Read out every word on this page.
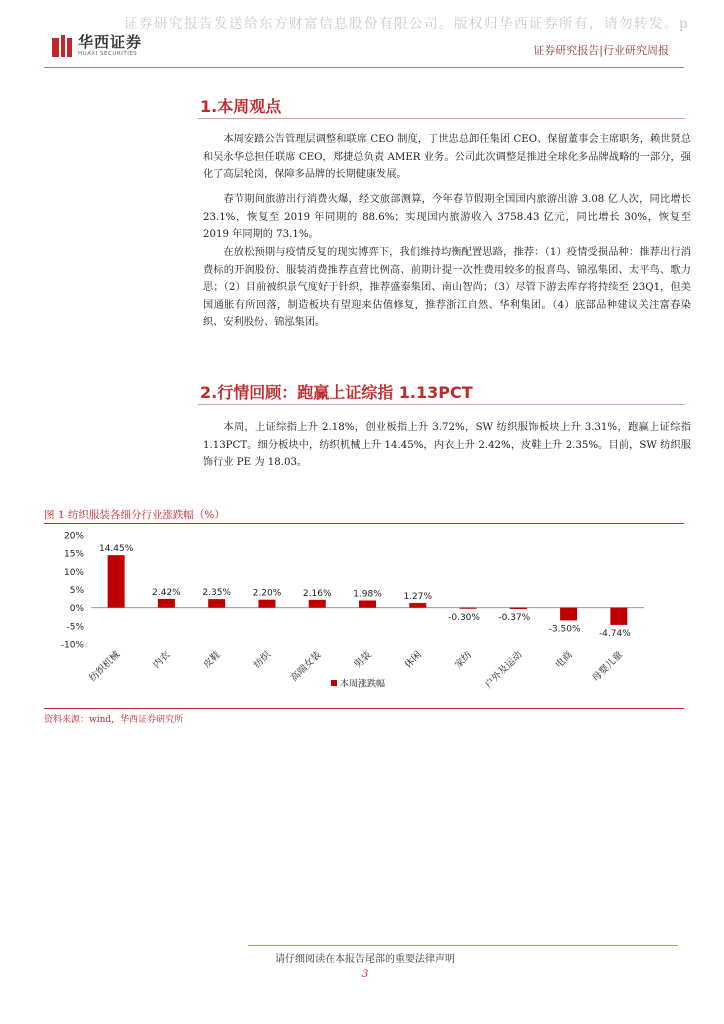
证券研究报告发送给东方财富信息股份有限公司。版权归华西证券所有，请勿转发。p
华西证券
HUAXI SECURITIES	证券研究报告|行业研究周报
1.本周观点

本周安踏公告管理层调整和联席 CEO 制度，丁世忠总卸任集团 CEO、保留董事会主席职务，赖世贤总和吴永华总担任联席 CEO，郑捷总负责 AMER 业务。公司此次调整是推进全球化多品牌战略的一部分，强化了高层轮岗，保障多品牌的长期健康发展。

春节期间旅游出行消费火爆，经文旅部测算，今年春节假期全国国内旅游出游 3.08 亿人次，同比增长 23.1%，恢复至 2019 年同期的 88.6%；实现国内旅游收入 3758.43 亿元，同比增长 30%，恢复至 2019 年同期的 73.1%。

在放松预期与疫情反复的现实博弈下，我们维持均衡配置思路，推荐：（1）疫情受损品种：推荐出行消费标的开润股份、服装消费推荐直营比例高、前期计提一次性费用较多的报喜鸟、锦泓集团、太平鸟、歌力思；（2）目前被织景气度好于针织，推荐盛泰集团、南山智尚；（3）尽管下游去库存将持续至 23Q1，但美国通胀有所回落，制造板块有望迎来估值修复，推荐浙江自然、华利集团。（4）底部品种建议关注富春染织、安利股份、锦泓集团。

2.行情回顾：跑赢上证综指 1.13PCT

本周，上证综指上升 2.18%，创业板指上升 3.72%，SW 纺织服饰板块上升 3.31%，跑赢上证综指 1.13PCT。细分板块中，纺织机械上升 14.45%，内衣上升 2.42%，皮鞋上升 2.35%。目前，SW 纺织服饰行业 PE 为 18.03。

图 1 纺织服装各细分行业涨跌幅（%）
20%
15%
10%
5%
0%
-5%
-10%
14.45%
纺织机械
2.42%
内衣
2.35%
皮鞋
2.20%
纺织
2.16%
高端女装
1.98%
男装
1.27%
休闲
-0.30%
家纺
-0.37%
户外及运动
-3.50%
电商
-4.74%
母婴儿童
本周涨跌幅
资料来源：wind，华西证券研究所
请仔细阅读在本报告尾部的重要法律声明
3
